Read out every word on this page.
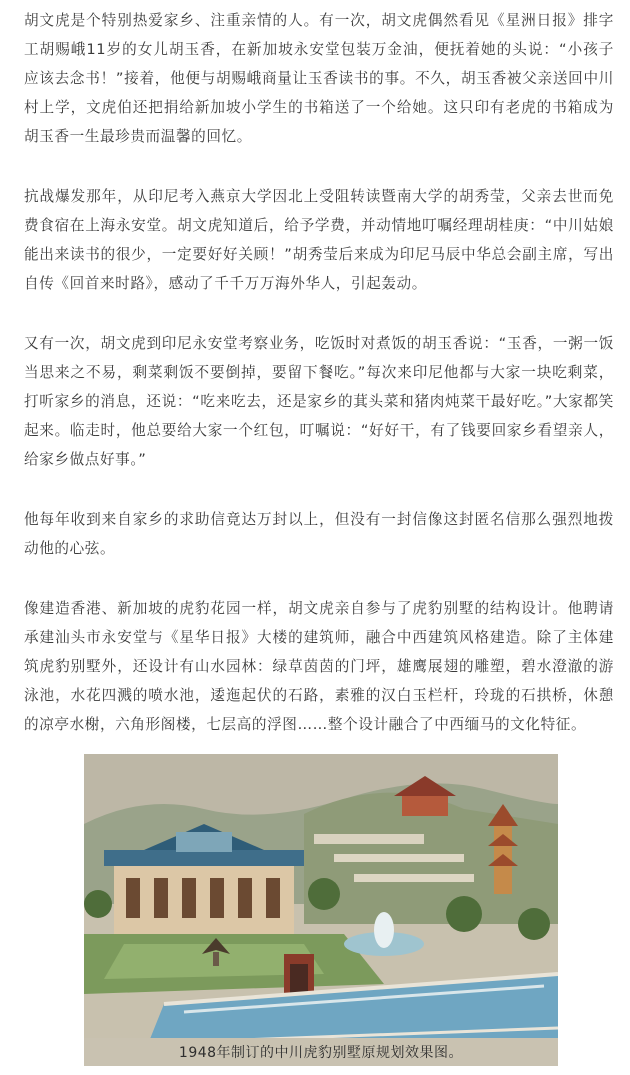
胡文虎是个特别热爱家乡、注重亲情的人。有一次，胡文虎偶然看见《星洲日报》排字工胡赐峨11岁的女儿胡玉香，在新加坡永安堂包装万金油，便抚着她的头说：“小孩子应该去念书！”接着，他便与胡赐峨商量让玉香读书的事。不久，胡玉香被父亲送回中川村上学，文虎伯还把捐给新加坡小学生的书箱送了一个给她。这只印有老虎的书箱成为胡玉香一生最珍贵而温馨的回忆。

抗战爆发那年，从印尼考入燕京大学因北上受阻转读暨南大学的胡秀莹，父亲去世而免费食宿在上海永安堂。胡文虎知道后，给予学费，并动情地叮嘱经理胡桂庚：“中川姑娘能出来读书的很少，一定要好好关顾！”胡秀莹后来成为印尼马辰中华总会副主席，写出自传《回首来时路》，感动了千千万万海外华人，引起轰动。

又有一次，胡文虎到印尼永安堂考察业务，吃饭时对煮饭的胡玉香说：“玉香，一粥一饭当思来之不易，剩菜剩饭不要倒掉，要留下餐吃。”每次来印尼他都与大家一块吃剩菜，打听家乡的消息，还说：“吃来吃去，还是家乡的萁头菜和猪肉炖菜干最好吃。”大家都笑起来。临走时，他总要给大家一个红包，叮嘱说：“好好干，有了钱要回家乡看望亲人，给家乡做点好事。”

他每年收到来自家乡的求助信竟达万封以上，但没有一封信像这封匿名信那么强烈地拨动他的心弦。

像建造香港、新加坡的虎豹花园一样，胡文虎亲自参与了虎豹别墅的结构设计。他聘请承建汕头市永安堂与《星华日报》大楼的建筑师，融合中西建筑风格建造。除了主体建筑虎豹别墅外，还设计有山水园林：绿草茵茵的门坪，雄鹰展翅的雕塑，碧水澄澈的游泳池，水花四溅的喷水池，逶迤起伏的石路，素雅的汉白玉栏杆，玲珑的石拱桥，休憩的凉亭水榭，六角形阁楼，七层高的浮图……整个设计融合了中西缅马的文化特征。

1948年制订的中川虎豹别墅原规划效果图。
